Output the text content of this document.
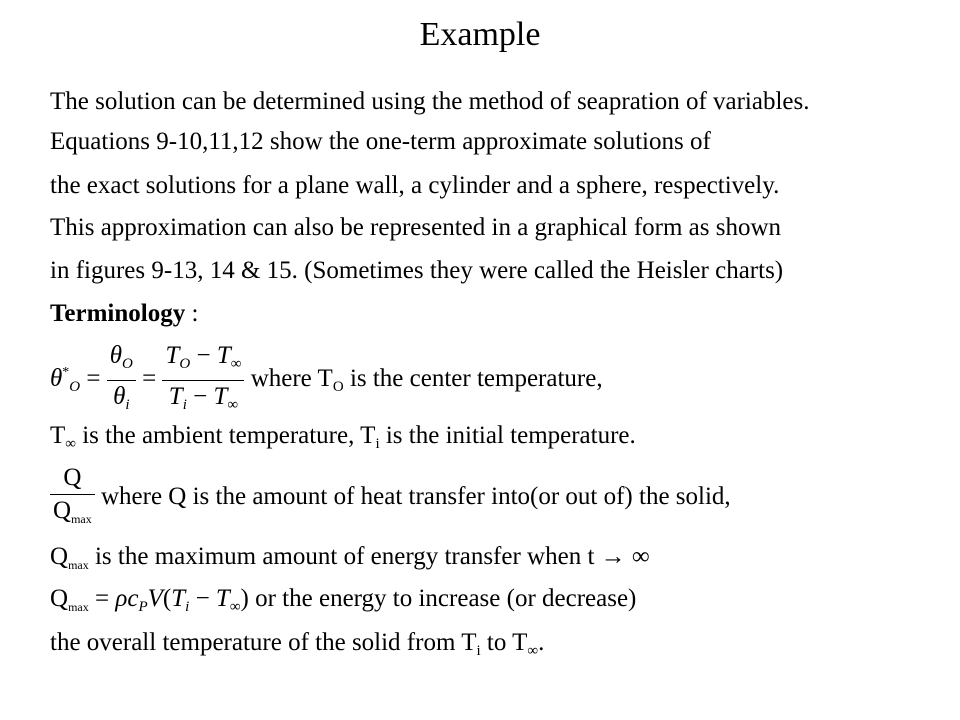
Example
The solution can be determined using the method of seapration of variables.
Equations 9-10,11,12 show the one-term approximate solutions of
the exact solutions for a plane wall, a cylinder and a sphere, respectively.
This approximation can also be represented in a graphical form as shown
in figures 9-13, 14 & 15. (Sometimes they were called the Heisler charts)
Terminology :
$\theta^*_O = \frac{\theta_O}{\theta_i} = \frac{T_O - T_\infty}{T_i - T_\infty}$ where $T_O$ is the center temperature,
$T_\infty$ is the ambient temperature, $T_i$ is the initial temperature.
$\frac{Q}{Q_{max}}$ where Q is the amount of heat transfer into(or out of) the solid,
$Q_{max}$ is the maximum amount of energy transfer when t → ∞
$Q_{max} = \rho c_PV(T_i - T_\infty)$ or the energy to increase (or decrease)
the overall temperature of the solid from $T_i$ to $T_\infty$.
